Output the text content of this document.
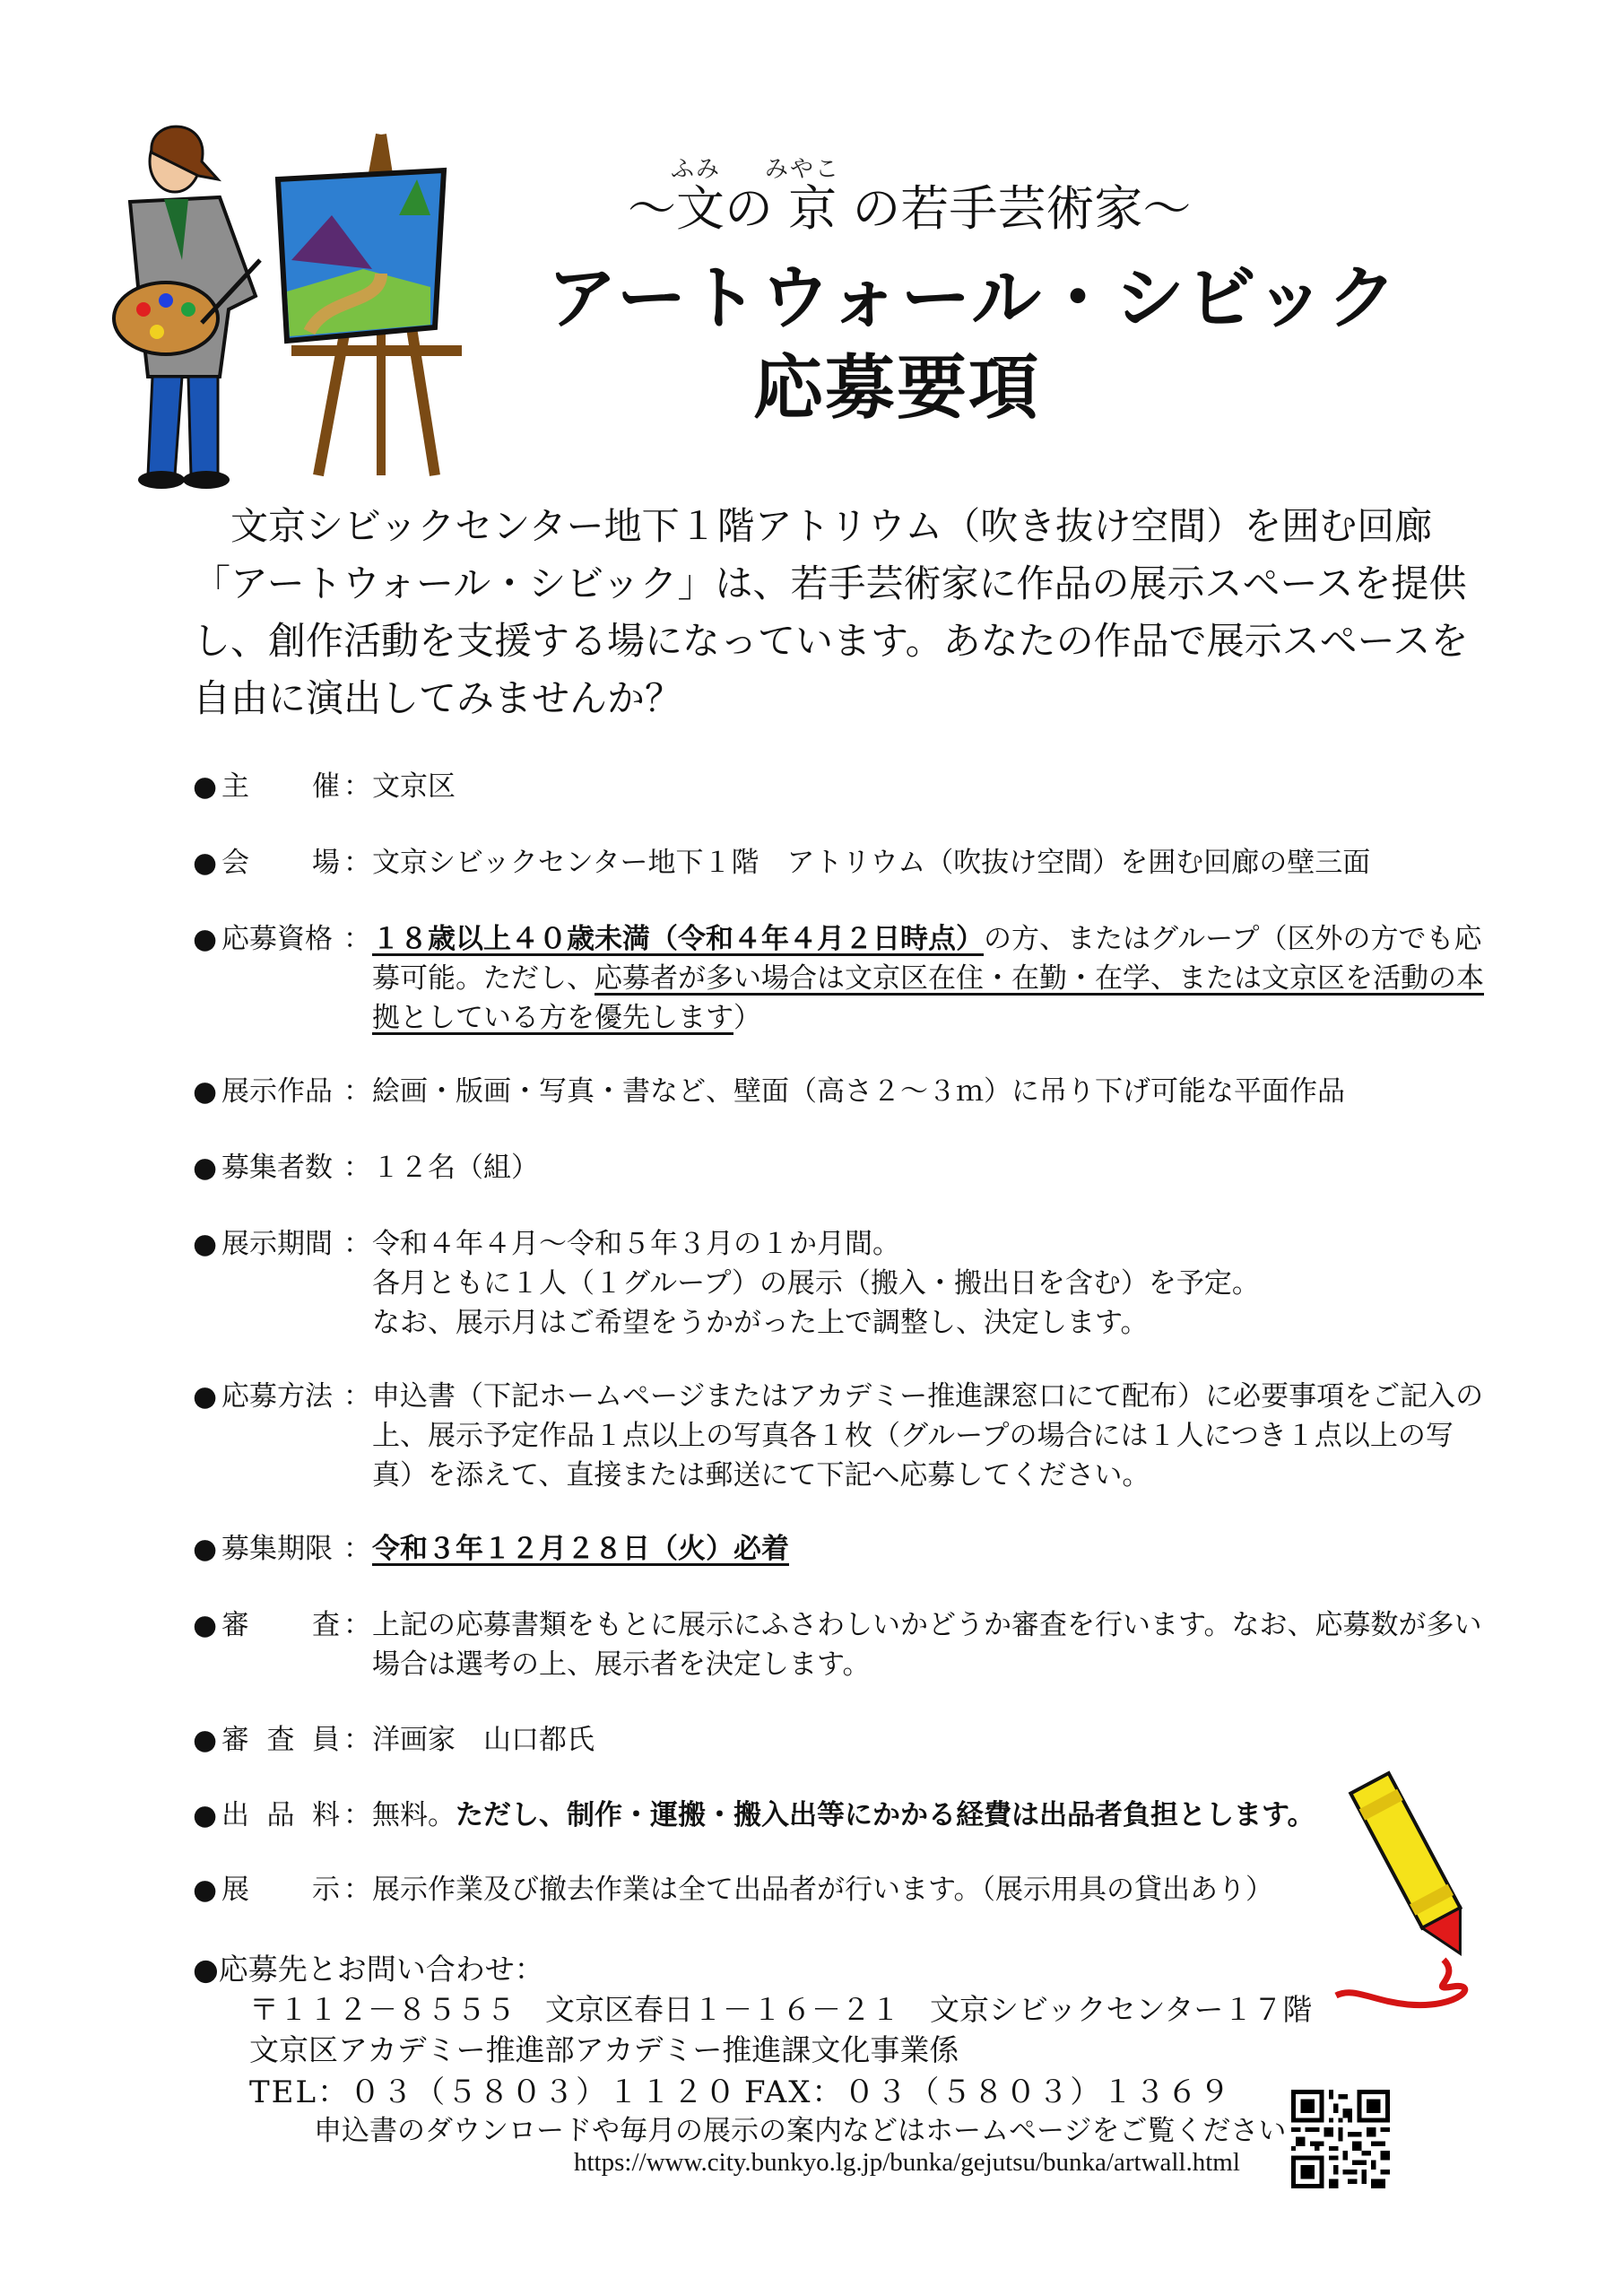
ふみ みやこ
～文の 京 の若手芸術家～
アートウォール・シビック
応募要項

文京シビックセンター地下１階アトリウム（吹き抜け空間）を囲む回廊「アートウォール・シビック」は、若手芸術家に作品の展示スペースを提供し、創作活動を支援する場になっています。あなたの作品で展示スペースを自由に演出してみませんか？

● 主 催 ： 文京区
● 会 場 ： 文京シビックセンター地下１階　アトリウム（吹抜け空間）を囲む回廊の壁三面
● 応募資格 ： １８歳以上４０歳未満（令和４年４月２日時点）の方、またはグループ（区外の方でも応募可能。ただし、応募者が多い場合は文京区在住・在勤・在学、または文京区を活動の本拠としている方を優先します）
● 展示作品 ： 絵画・版画・写真・書など、壁面（高さ２～３ｍ）に吊り下げ可能な平面作品
● 募集者数 ： １２名（組）
● 展示期間 ： 令和４年４月～令和５年３月の１か月間。
各月ともに１人（１グループ）の展示（搬入・搬出日を含む）を予定。
なお、展示月はご希望をうかがった上で調整し、決定します。
● 応募方法 ： 申込書（下記ホームページまたはアカデミー推進課窓口にて配布）に必要事項をご記入の上、展示予定作品１点以上の写真各１枚（グループの場合には１人につき１点以上の写真）を添えて、直接または郵送にて下記へ応募してください。
● 募集期限 ： 令和３年１２月２８日（火）必着
● 審 査 ： 上記の応募書類をもとに展示にふさわしいかどうか審査を行います。なお、応募数が多い場合は選考の上、展示者を決定します。
● 審 査 員 ： 洋画家　山口都氏
● 出 品 料 ： 無料。ただし、制作・運搬・搬入出等にかかる経費は出品者負担とします。
● 展 示 ： 展示作業及び撤去作業は全て出品者が行います。（展示用具の貸出あり）
●応募先とお問い合わせ：
〒１１２－８５５５　文京区春日１－１６－２１　文京シビックセンター１７階
文京区アカデミー推進部アカデミー推進課文化事業係
TEL：０３（５８０３）１１２０ FAX：０３（５８０３）１３６９
申込書のダウンロードや毎月の展示の案内などはホームページをご覧ください
https://www.city.bunkyo.lg.jp/bunka/gejutsu/bunka/artwall.html
